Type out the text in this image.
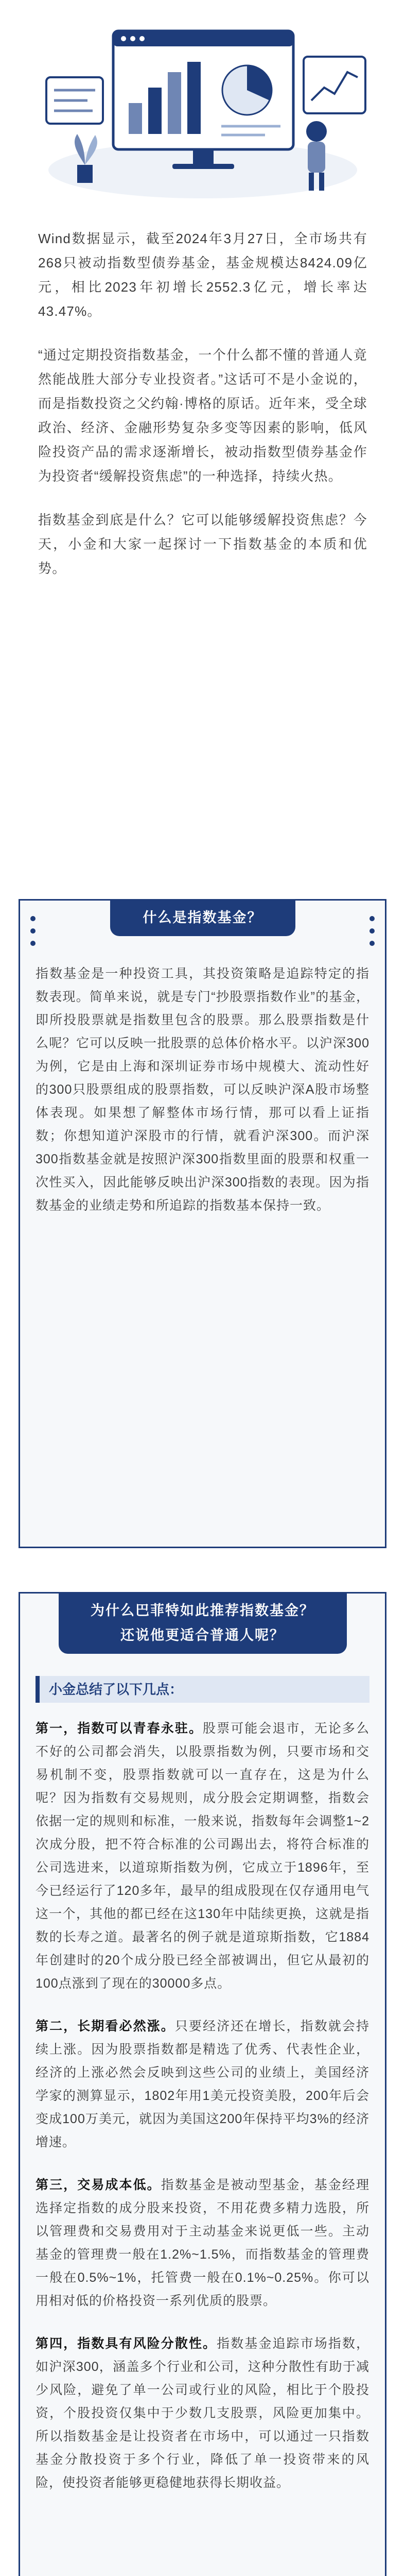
Wind数据显示，截至2024年3月27日，全市场共有268只被动指数型债券基金，基金规模达8424.09亿元，相比2023年初增长2552.3亿元，增长率达43.47%。

“通过定期投资指数基金，一个什么都不懂的普通人竟然能战胜大部分专业投资者。”这话可不是小金说的，而是指数投资之父约翰·博格的原话。近年来，受全球政治、经济、金融形势复杂多变等因素的影响，低风险投资产品的需求逐渐增长，被动指数型债券基金作为投资者“缓解投资焦虑”的一种选择，持续火热。

指数基金到底是什么？它可以能够缓解投资焦虑？今天，小金和大家一起探讨一下指数基金的本质和优势。

什么是指数基金？

指数基金是一种投资工具，其投资策略是追踪特定的指数表现。简单来说，就是专门“抄股票指数作业”的基金，即所投股票就是指数里包含的股票。那么股票指数是什么呢？它可以反映一批股票的总体价格水平。以沪深300为例，它是由上海和深圳证券市场中规模大、流动性好的300只股票组成的股票指数，可以反映沪深A股市场整体表现。如果想了解整体市场行情，那可以看上证指数；你想知道沪深股市的行情，就看沪深300。而沪深300指数基金就是按照沪深300指数里面的股票和权重一次性买入，因此能够反映出沪深300指数的表现。因为指数基金的业绩走势和所追踪的指数基本保持一致。

为什么巴菲特如此推荐指数基金？
还说他更适合普通人呢？
小金总结了以下几点：

第一，指数可以青春永驻。股票可能会退市，无论多么不好的公司都会消失，以股票指数为例，只要市场和交易机制不变，股票指数就可以一直存在，这是为什么呢？因为指数有交易规则，成分股会定期调整，指数会依据一定的规则和标准，一般来说，指数每年会调整1~2次成分股，把不符合标准的公司踢出去，将符合标准的公司选进来，以道琼斯指数为例，它成立于1896年，至今已经运行了120多年，最早的组成股现在仅存通用电气这一个，其他的都已经在这130年中陆续更换，这就是指数的长寿之道。最著名的例子就是道琼斯指数，它1884年创建时的20个成分股已经全部被调出，但它从最初的100点涨到了现在的30000多点。

第二，长期看必然涨。只要经济还在增长，指数就会持续上涨。因为股票指数都是精选了优秀、代表性企业，经济的上涨必然会反映到这些公司的业绩上，美国经济学家的测算显示，1802年用1美元投资美股，200年后会变成100万美元，就因为美国这200年保持平均3%的经济增速。

第三，交易成本低。指数基金是被动型基金，基金经理选择定指数的成分股来投资，不用花费多精力选股，所以管理费和交易费用对于主动基金来说更低一些。主动基金的管理费一般在1.2%~1.5%，而指数基金的管理费一般在0.5%~1%，托管费一般在0.1%~0.25%。你可以用相对低的价格投资一系列优质的股票。

第四，指数具有风险分散性。指数基金追踪市场指数，如沪深300，涵盖多个行业和公司，这种分散性有助于减少风险，避免了单一公司或行业的风险，相比于个股投资，个股投资仅集中于少数几支股票，风险更加集中。所以指数基金是让投资者在市场中，可以通过一只指数基金分散投资于多个行业，降低了单一投资带来的风险，使投资者能够更稳健地获得长期收益。
